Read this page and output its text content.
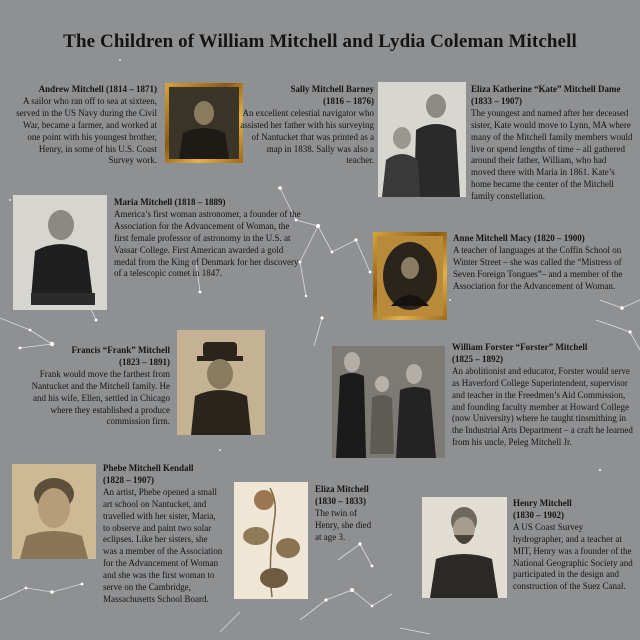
The Children of William Mitchell and Lydia Coleman Mitchell
Andrew Mitchell (1814 – 1871)
A sailor who ran off to sea at sixteen, served in the US Navy during the Civil War, became a farmer, and worked at one point with his youngest brother, Henry, in some of his U.S. Coast Survey work.
Sally Mitchell Barney
(1816 – 1876)
An excellent celestial navigator who assisted her father with his surveying of Nantucket that was printed as a map in 1838. Sally was also a teacher.
Eliza Katherine “Kate” Mitchell Dame (1833 – 1907)
The youngest and named after her deceased sister, Kate would move to Lynn, MA where many of the Mitchell family members would live or spend lengths of time – all gathered around their father, William, who had moved there with Maria in 1861. Kate’s home became the center of the Mitchell family constellation.
Maria Mitchell (1818 – 1889)
America’s first woman astronomer, a founder of the Association for the Advancement of Woman, the first female professor of astronomy in the U.S. at Vassar College. First American awarded a gold medal from the King of Denmark for her discovery of a telescopic comet in 1847.
Anne Mitchell Macy (1820 – 1900)
A teacher of languages at the Coffin School on Winter Street – she was called the “Mistress of Seven Foreign Tongues”– and a member of the Association for the Advancement of Woman.
Francis “Frank” Mitchell
(1823 – 1891)
Frank would move the farthest from Nantucket and the Mitchell family. He and his wife, Ellen, settled in Chicago where they established a produce commission firm.
William Forster “Forster” Mitchell
(1825 – 1892)
An abolitionist and educator, Forster would serve as Haverford College Superintendent, supervisor and teacher in the Freedmen’s Aid Commission, and founding faculty member at Howard College (now University) where he taught tinsmithing in the Industrial Arts Department – a craft he learned from his uncle, Peleg Mitchell Jr.
Phebe Mitchell Kendall
(1828 – 1907)
An artist, Phebe opened a small art school on Nantucket, and travelled with her sister, Maria, to observe and paint two solar eclipses. Like her sisters, she was a member of the Association for the Advancement of Woman and she was the first woman to serve on the Cambridge, Massachusetts School Board.
Eliza Mitchell
(1830 – 1833)
The twin of Henry, she died at age 3.
Henry Mitchell
(1830 – 1902)
A US Coast Survey hydrographer, and a teacher at MIT, Henry was a founder of the National Geographic Society and participated in the design and construction of the Suez Canal.
